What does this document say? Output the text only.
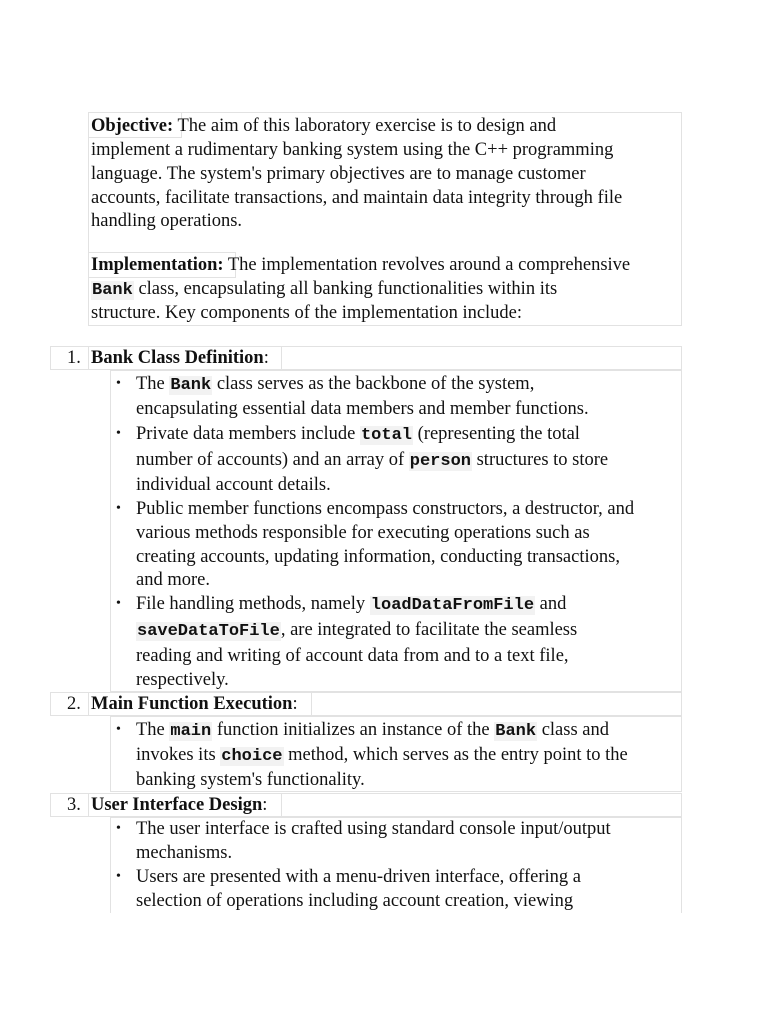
Objective: The aim of this laboratory exercise is to design and
implement a rudimentary banking system using the C++ programming
language. The system's primary objectives are to manage customer
accounts, facilitate transactions, and maintain data integrity through file
handling operations.
Implementation: The implementation revolves around a comprehensive
Bank class, encapsulating all banking functionalities within its
structure. Key components of the implementation include:
1. Bank Class Definition:
• The Bank class serves as the backbone of the system,
encapsulating essential data members and member functions.
• Private data members include total (representing the total
number of accounts) and an array of person structures to store
individual account details.
• Public member functions encompass constructors, a destructor, and
various methods responsible for executing operations such as
creating accounts, updating information, conducting transactions,
and more.
• File handling methods, namely loadDataFromFile and
saveDataToFile, are integrated to facilitate the seamless
reading and writing of account data from and to a text file,
respectively.
2. Main Function Execution:
• The main function initializes an instance of the Bank class and
invokes its choice method, which serves as the entry point to the
banking system's functionality.
3. User Interface Design:
• The user interface is crafted using standard console input/output
mechanisms.
• Users are presented with a menu-driven interface, offering a
selection of operations including account creation, viewing
